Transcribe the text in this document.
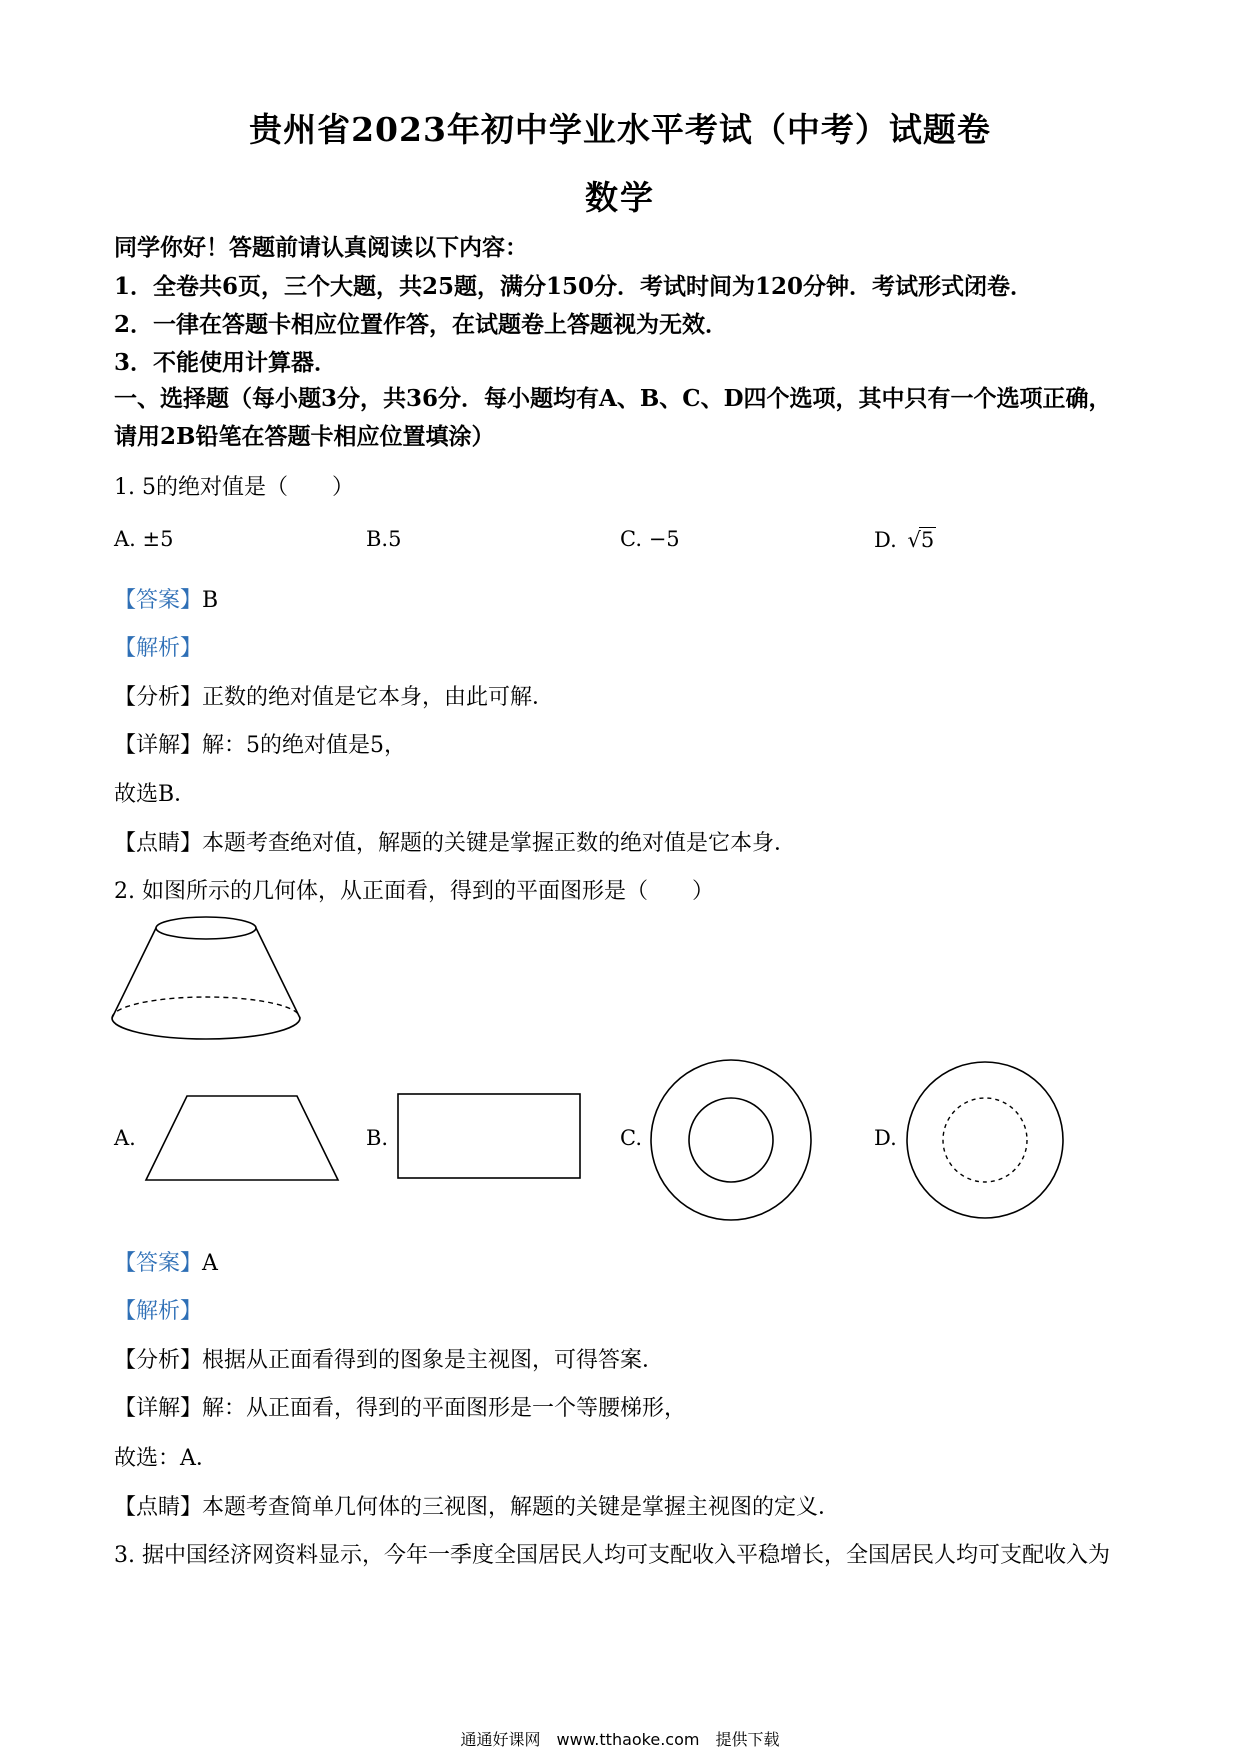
贵州省2023年初中学业水平考试（中考）试题卷
数学

同学你好！答题前请认真阅读以下内容：

1．全卷共6页，三个大题，共25题，满分150分．考试时间为120分钟．考试形式闭卷．

2．一律在答题卡相应位置作答，在试题卷上答题视为无效．

3．不能使用计算器．

一、选择题（每小题3分，共36分．每小题均有A、B、C、D四个选项，其中只有一个选项正确，请用2B铅笔在答题卡相应位置填涂）

1. 5的绝对值是（　　）

A. ±5	B.5	C. −5	D. √5

【答案】B

【解析】

【分析】正数的绝对值是它本身，由此可解．

【详解】解：5的绝对值是5，

故选B．

【点睛】本题考查绝对值，解题的关键是掌握正数的绝对值是它本身．

2. 如图所示的几何体，从正面看，得到的平面图形是（　　）

A.	B.	C.	D.

【答案】A

【解析】

【分析】根据从正面看得到的图象是主视图，可得答案．

【详解】解：从正面看，得到的平面图形是一个等腰梯形，

故选：A．

【点睛】本题考查简单几何体的三视图，解题的关键是掌握主视图的定义．

3. 据中国经济网资料显示，今年一季度全国居民人均可支配收入平稳增长，全国居民人均可支配收入为

通通好课网　www.tthaoke.com　提供下载
